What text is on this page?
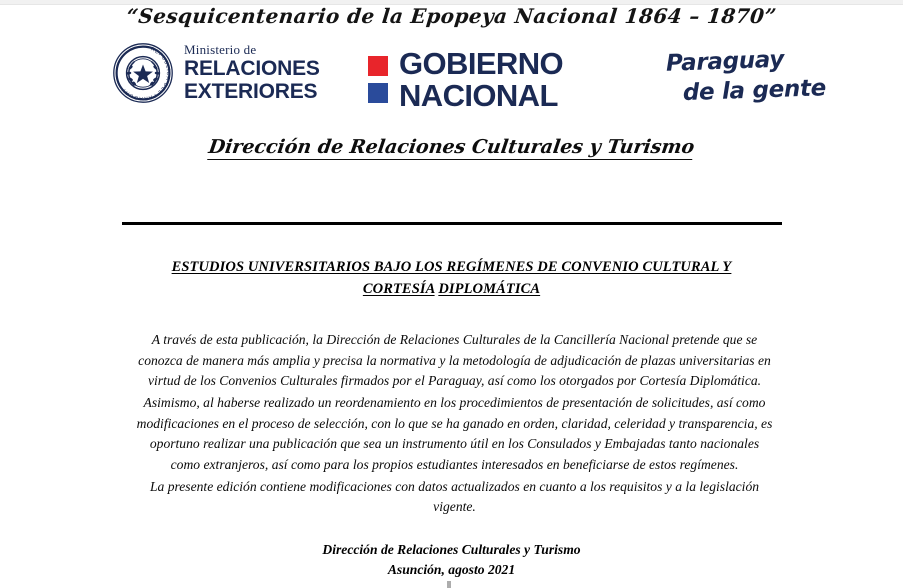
“Sesquicentenario de la Epopeya Nacional 1864 – 1870”
REPUBLICA DEL PARAGUAY
Ministerio de
RELACIONES
EXTERIORES
GOBIERNO
NACIONAL
Paraguay
de la gente
Dirección de Relaciones Culturales y Turismo
ESTUDIOS UNIVERSITARIOS BAJO LOS REGÍMENES DE CONVENIO CULTURAL Y CORTESÍA DIPLOMÁTICA

A través de esta publicación, la Dirección de Relaciones Culturales de la Cancillería Nacional pretende que se conozca de manera más amplia y precisa la normativa y la metodología de adjudicación de plazas universitarias en virtud de los Convenios Culturales firmados por el Paraguay, así como los otorgados por Cortesía Diplomática.

Asimismo, al haberse realizado un reordenamiento en los procedimientos de presentación de solicitudes, así como modificaciones en el proceso de selección, con lo que se ha ganado en orden, claridad, celeridad y transparencia, es oportuno realizar una publicación que sea un instrumento útil en los Consulados y Embajadas tanto nacionales como extranjeros, así como para los propios estudiantes interesados en beneficiarse de estos regímenes.

La presente edición contiene modificaciones con datos actualizados en cuanto a los requisitos y a la legislación vigente.

Dirección de Relaciones Culturales y Turismo
Asunción, agosto 2021
